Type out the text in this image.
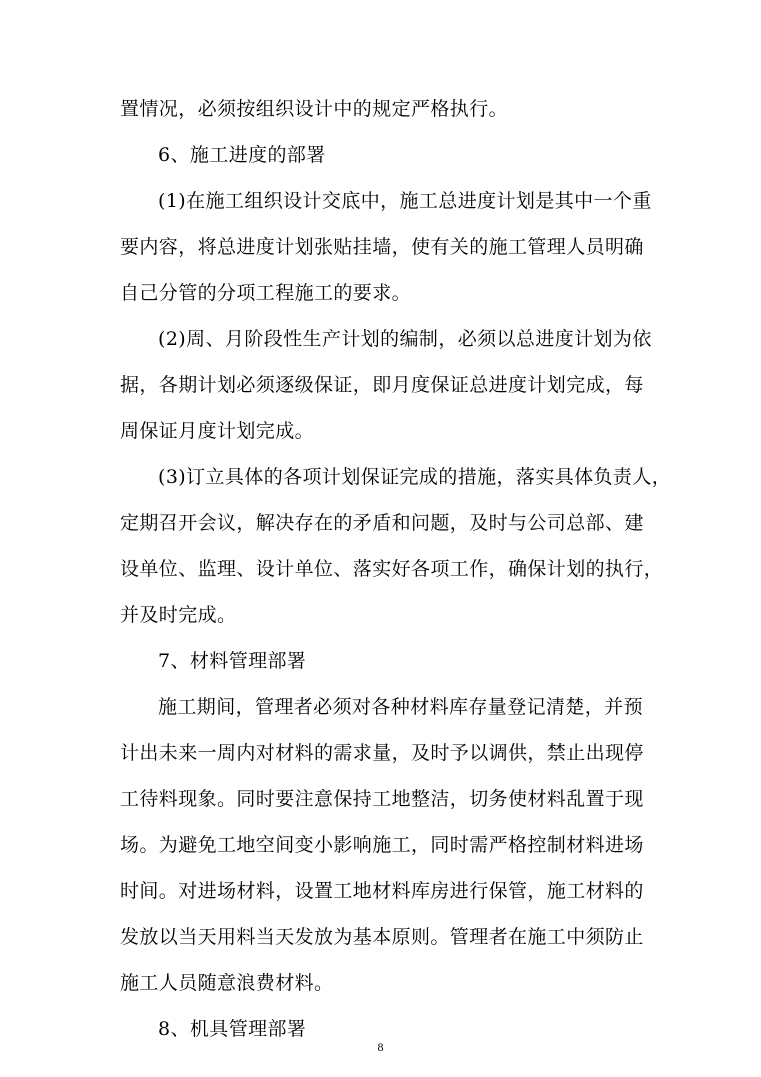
置情况，必须按组织设计中的规定严格执行。
6、施工进度的部署
(1)在施工组织设计交底中，施工总进度计划是其中一个重
要内容，将总进度计划张贴挂墙，使有关的施工管理人员明确
自己分管的分项工程施工的要求。
(2)周、月阶段性生产计划的编制，必须以总进度计划为依
据，各期计划必须逐级保证，即月度保证总进度计划完成，每
周保证月度计划完成。
(3)订立具体的各项计划保证完成的措施，落实具体负责人，
定期召开会议，解决存在的矛盾和问题，及时与公司总部、建
设单位、监理、设计单位、落实好各项工作，确保计划的执行，
并及时完成。
7、材料管理部署
施工期间，管理者必须对各种材料库存量登记清楚，并预
计出未来一周内对材料的需求量，及时予以调供，禁止出现停
工待料现象。同时要注意保持工地整洁，切务使材料乱置于现
场。为避免工地空间变小影响施工，同时需严格控制材料进场
时间。对进场材料，设置工地材料库房进行保管，施工材料的
发放以当天用料当天发放为基本原则。管理者在施工中须防止
施工人员随意浪费材料。
8、机具管理部署
8
